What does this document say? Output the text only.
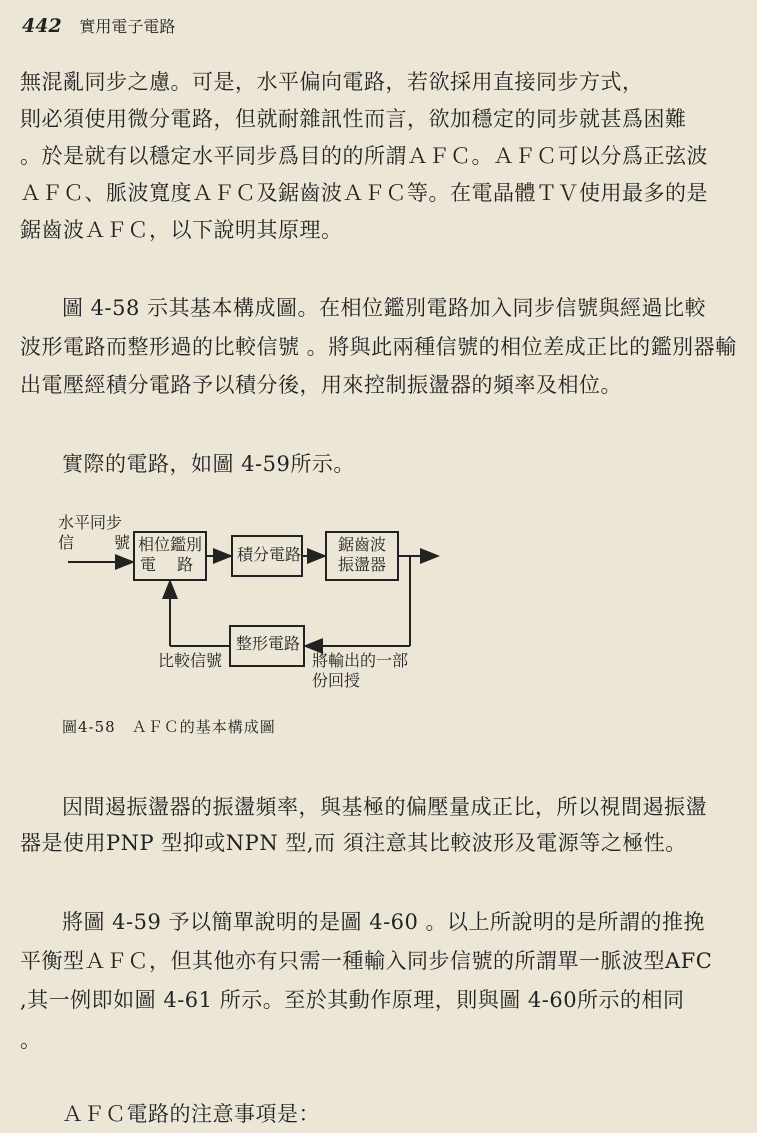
442 實用電子電路
無混亂同步之慮。可是，水平偏向電路，若欲採用直接同步方式，
則必須使用微分電路，但就耐雜訊性而言，欲加穩定的同步就甚爲困難
。於是就有以穩定水平同步爲目的的所謂ＡＦＣ。ＡＦＣ可以分爲正弦波
ＡＦＣ、脈波寬度ＡＦＣ及鋸齒波ＡＦＣ等。在電晶體ＴＶ使用最多的是
鋸齒波ＡＦＣ，以下說明其原理。
圖 4-58 示其基本構成圖。在相位鑑別電路加入同步信號與經過比較
波形電路而整形過的比較信號 。將與此兩種信號的相位差成正比的鑑別器輸
出電壓經積分電路予以積分後，用來控制振盪器的頻率及相位。
實際的電路，如圖 4-59所示。
水平同步
信 號 相位鑑別
電　 路
積分電路
鋸齒波
振盪器
整形電路
比較信號	將輸出的一部
份回授
圖4-58　ＡＦＣ的基本構成圖
因間遏振盪器的振盪頻率，與基極的偏壓量成正比，所以視間遏振盪
器是使用PNP 型抑或NPN 型,而 須注意其比較波形及電源等之極性。
將圖 4-59 予以簡單說明的是圖 4-60 。以上所說明的是所謂的推挽
平衡型ＡＦＣ，但其他亦有只需一種輸入同步信號的所謂單一脈波型AFC
,其一例即如圖 4-61 所示。至於其動作原理，則與圖 4-60所示的相同
。
ＡＦＣ電路的注意事項是：
